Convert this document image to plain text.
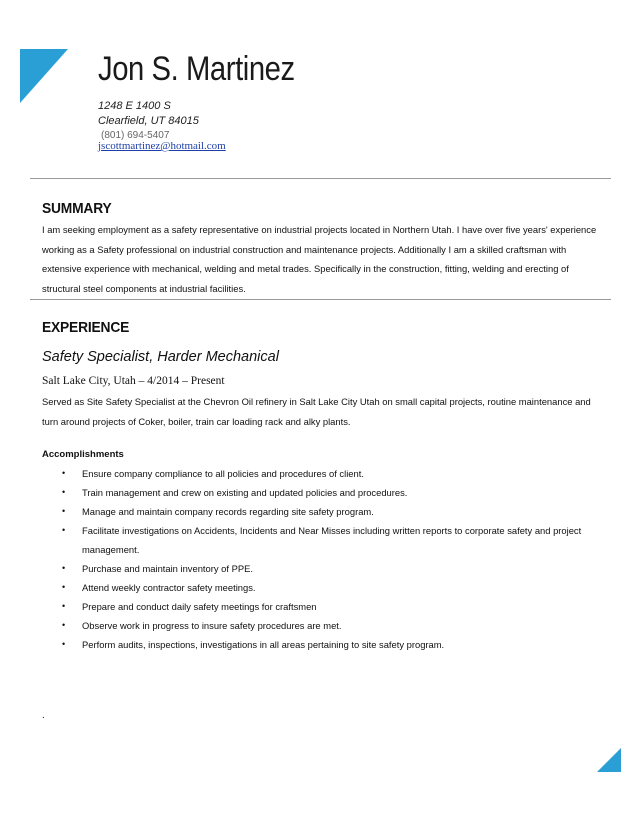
Jon S. Martinez
1248 E 1400 S
Clearfield, UT 84015
(801) 694-5407
jscottmartinez@hotmail.com
SUMMARY
I am seeking employment as a safety representative on industrial projects located in Northern Utah. I have over five years' experience working as a Safety professional on industrial construction and maintenance projects. Additionally I am a skilled craftsman with extensive experience with mechanical, welding and metal trades. Specifically in the construction, fitting, welding and erecting of structural steel components at industrial facilities.
EXPERIENCE
Safety Specialist, Harder Mechanical
Salt Lake City, Utah – 4/2014 – Present
Served as Site Safety Specialist at the Chevron Oil refinery in Salt Lake City Utah on small capital projects, routine maintenance and turn around projects of Coker, boiler, train car loading rack and alky plants.
Accomplishments
• Ensure company compliance to all policies and procedures of client.
• Train management and crew on existing and updated policies and procedures.
• Manage and maintain company records regarding site safety program.
• Facilitate investigations on Accidents, Incidents and Near Misses including written reports to corporate safety and project management.
• Purchase and maintain inventory of PPE.
• Attend weekly contractor safety meetings.
• Prepare and conduct daily safety meetings for craftsmen
• Observe work in progress to insure safety procedures are met.
• Perform audits, inspections, investigations in all areas pertaining to site safety program.
.
